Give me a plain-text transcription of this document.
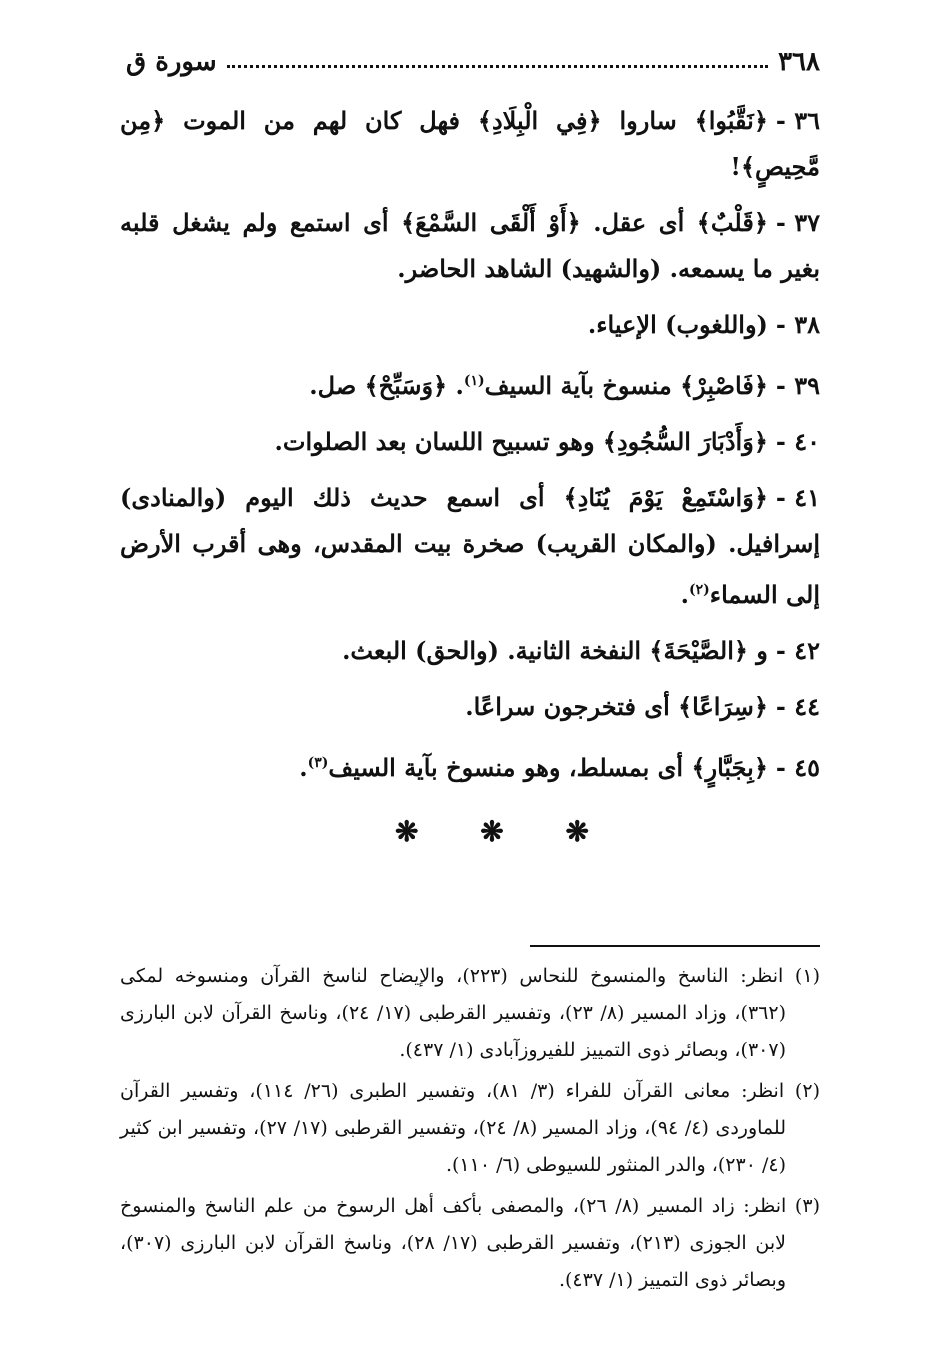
٣٦٨
سورة ق

٣٦ -﴿نَقَّبُوا﴾ ساروا ﴿فِي الْبِلَادِ﴾ فهل كان لهم من الموت ﴿مِن مَّحِيصٍ﴾!

٣٧ -﴿قَلْبٌ﴾ أى عقل. ﴿أَوْ أَلْقَى السَّمْعَ﴾ أى استمع ولم يشغل قلبه بغير ما يسمعه. (والشهيد) الشاهد الحاضر.

٣٨ -(واللغوب) الإعياء.

٣٩ -﴿فَاصْبِرْ﴾ منسوخ بآية السيف$^{(١)}$. ﴿وَسَبِّحْ﴾ صل.

٤٠ -﴿وَأَدْبَارَ السُّجُودِ﴾ وهو تسبيح اللسان بعد الصلوات.

٤١ -﴿وَاسْتَمِعْ يَوْمَ يُنَادِ﴾ أى اسمع حديث ذلك اليوم (والمنادى) إسرافيل. (والمكان القريب) صخرة بيت المقدس، وهى أقرب الأرض إلى السماء$^{(٢)}$.

٤٢ -و ﴿الصَّيْحَةَ﴾ النفخة الثانية. (والحق) البعث.

٤٤ -﴿سِرَاعًا﴾ أى فتخرجون سراعًا.

٤٥ -﴿بِجَبَّارٍ﴾ أى بمسلط، وهو منسوخ بآية السيف$^{(٣)}$.

❋ ❋ ❋

(١) انظر: الناسخ والمنسوخ للنحاس (٢٢٣)، والإيضاح لناسخ القرآن ومنسوخه لمكى (٣٦٢)، وزاد المسير (٨/ ٢٣)، وتفسير القرطبى (١٧/ ٢٤)، وناسخ القرآن لابن البارزى (٣٠٧)، وبصائر ذوى التمييز للفيروزآبادى (١/ ٤٣٧).

(٢) انظر: معانى القرآن للفراء (٣/ ٨١)، وتفسير الطبرى (٢٦/ ١١٤)، وتفسير القرآن للماوردى (٤/ ٩٤)، وزاد المسير (٨/ ٢٤)، وتفسير القرطبى (١٧/ ٢٧)، وتفسير ابن كثير (٤/ ٢٣٠)، والدر المنثور للسيوطى (٦/ ١١٠).

(٣) انظر: زاد المسير (٨/ ٢٦)، والمصفى بأكف أهل الرسوخ من علم الناسخ والمنسوخ لابن الجوزى (٢١٣)، وتفسير القرطبى (١٧/ ٢٨)، وناسخ القرآن لابن البارزى (٣٠٧)، وبصائر ذوى التمييز (١/ ٤٣٧).
